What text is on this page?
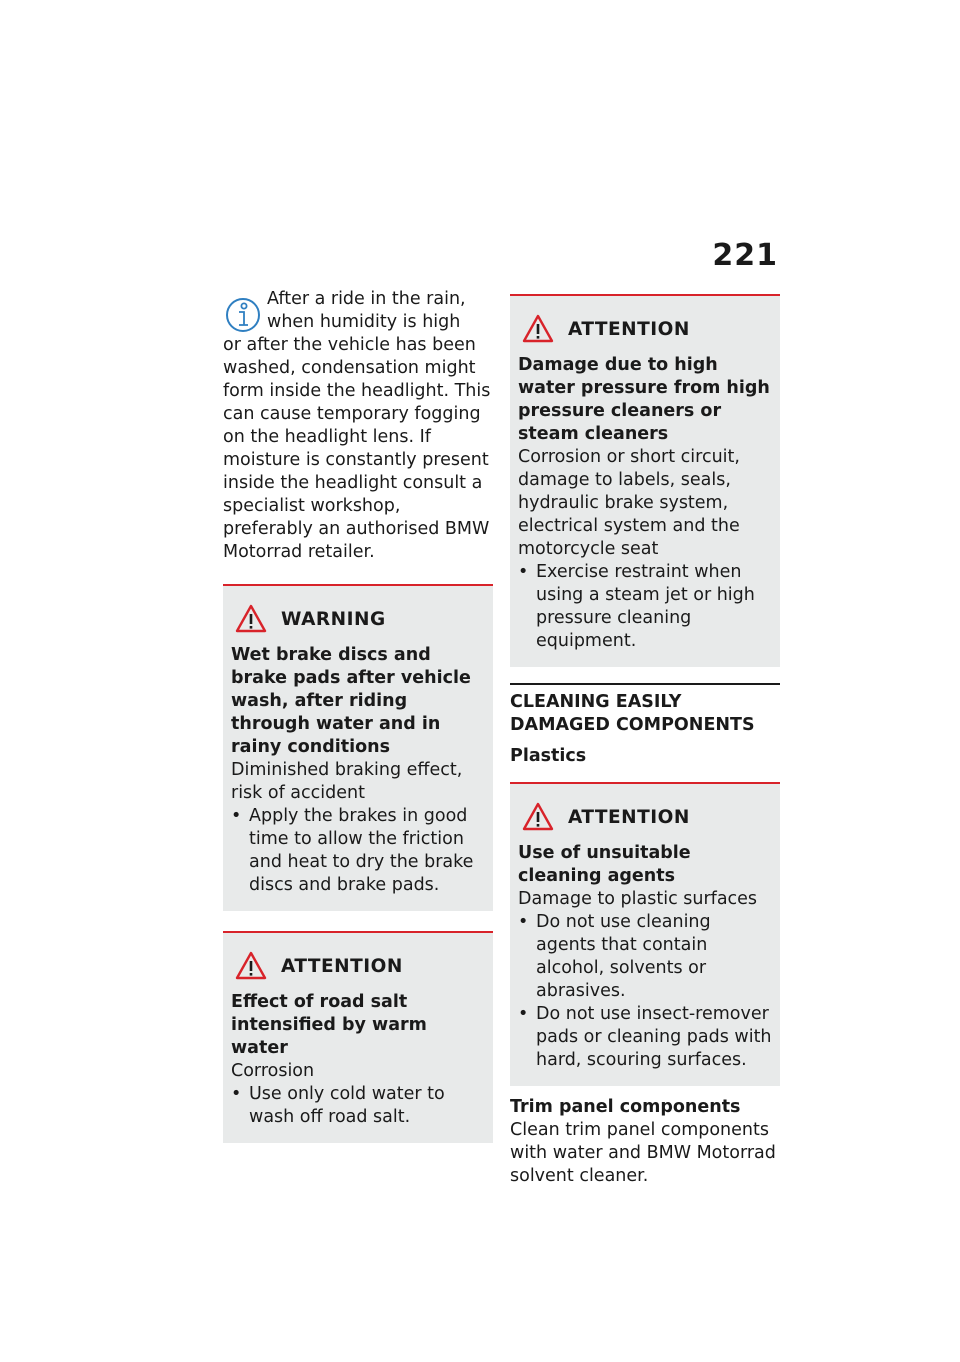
221
After a ride in the rain,
when humidity is high

or after the vehicle has been washed, condensation might form inside the headlight. This can cause temporary fogging on the headlight lens. If moisture is constantly present inside the headlight consult a specialist workshop, preferably an authorised BMW Motorrad retailer.

WARNING
Wet brake discs and brake pads after vehicle wash, after riding through water and in rainy conditions

Diminished braking effect, risk of accident

• Apply the brakes in good time to allow the friction and heat to dry the brake discs and brake pads.
ATTENTION
Effect of road salt intensified by warm water

Corrosion

• Use only cold water to wash off road salt.
ATTENTION
Damage due to high water pressure from high pressure cleaners or steam cleaners

Corrosion or short circuit, damage to labels, seals, hydraulic brake system, electrical system and the motorcycle seat

• Exercise restraint when using a steam jet or high pressure cleaning equipment.
CLEANING EASILY DAMAGED COMPONENTS
Plastics
ATTENTION
Use of unsuitable cleaning agents

Damage to plastic surfaces

• Do not use cleaning agents that contain alcohol, solvents or abrasives.
• Do not use insect-remover pads or cleaning pads with hard, scouring surfaces.
Trim panel components

Clean trim panel components with water and BMW Motorrad solvent cleaner.
